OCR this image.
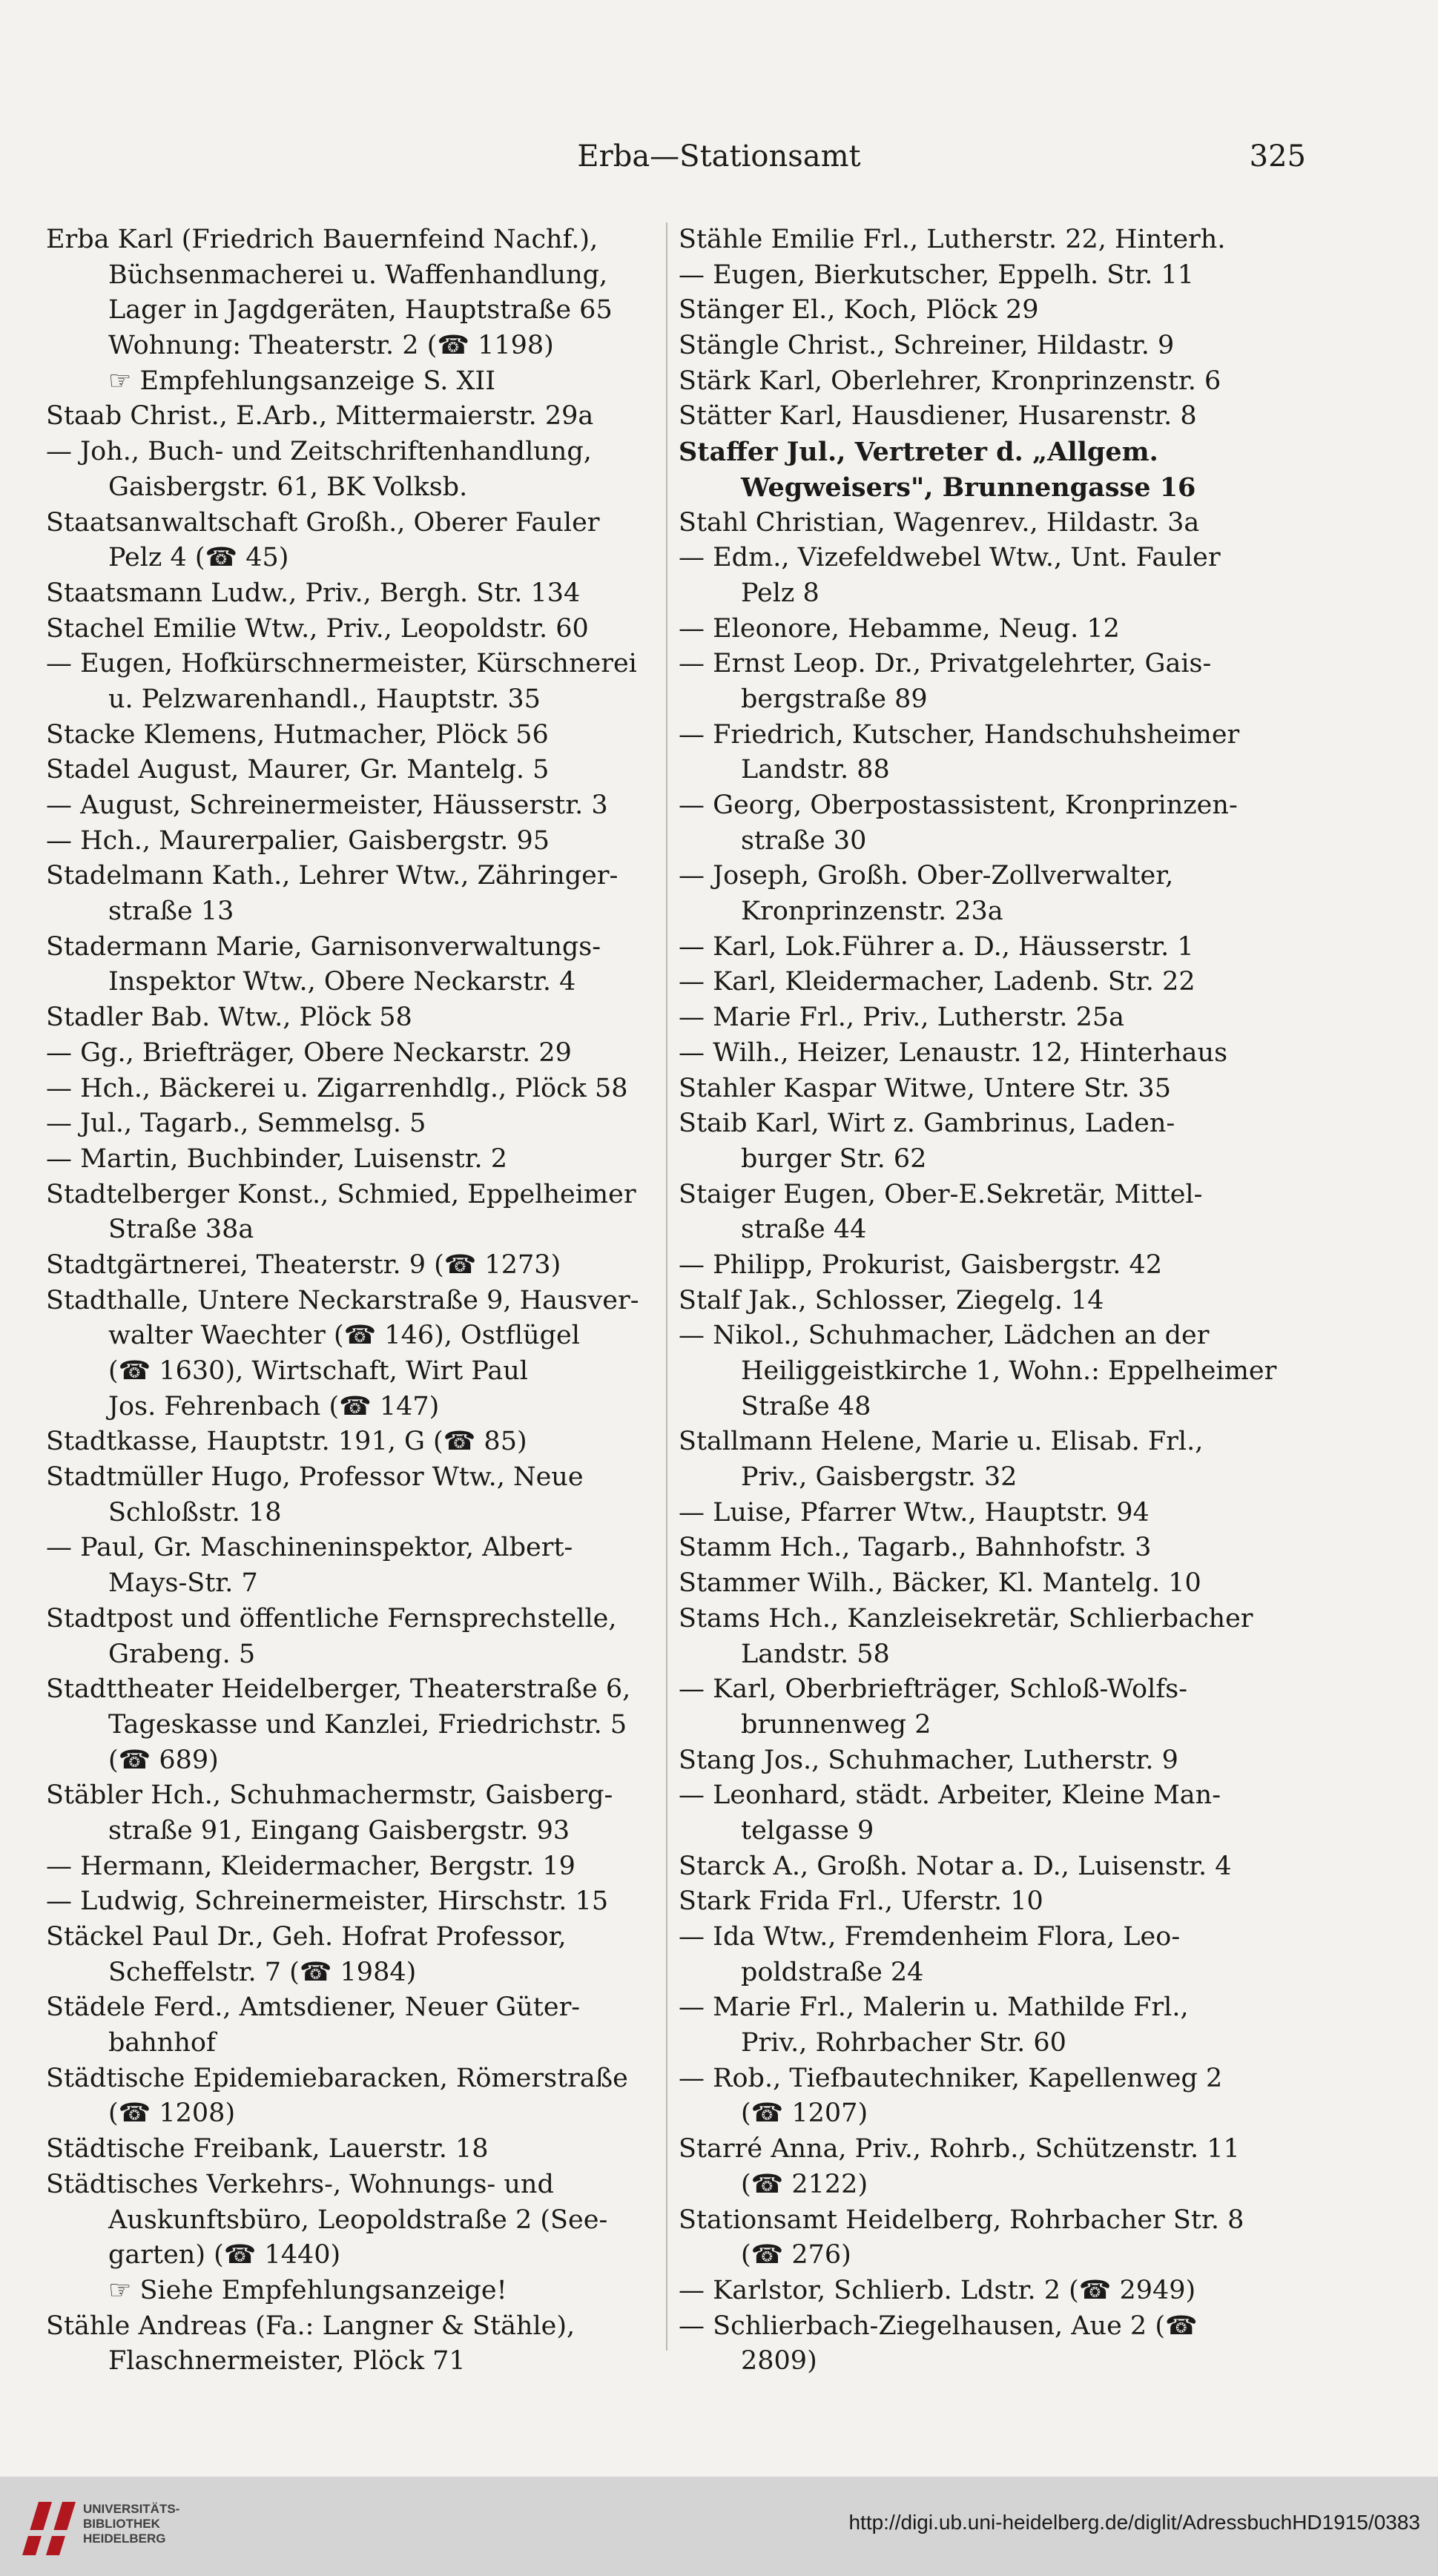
Erba—Stationsamt	325
Erba Karl (Friedrich Bauernfeind Nachf.),
Büchsenmacherei u. Waffenhandlung,
Lager in Jagdgeräten, Hauptstraße 65
Wohnung: Theaterstr. 2 (☎ 1198)
☞ Empfehlungsanzeige S. XII
Staab Christ., E.Arb., Mittermaierstr. 29a
— Joh., Buch- und Zeitschriftenhandlung,
Gaisbergstr. 61, BK Volksb.
Staatsanwaltschaft Großh., Oberer Fauler
Pelz 4 (☎ 45)
Staatsmann Ludw., Priv., Bergh. Str. 134
Stachel Emilie Wtw., Priv., Leopoldstr. 60
— Eugen, Hofkürschnermeister, Kürschnerei
u. Pelzwarenhandl., Hauptstr. 35
Stacke Klemens, Hutmacher, Plöck 56
Stadel August, Maurer, Gr. Mantelg. 5
— August, Schreinermeister, Häusserstr. 3
— Hch., Maurerpalier, Gaisbergstr. 95
Stadelmann Kath., Lehrer Wtw., Zähringer-
straße 13
Stadermann Marie, Garnisonverwaltungs-
Inspektor Wtw., Obere Neckarstr. 4
Stadler Bab. Wtw., Plöck 58
— Gg., Briefträger, Obere Neckarstr. 29
— Hch., Bäckerei u. Zigarrenhdlg., Plöck 58
— Jul., Tagarb., Semmelsg. 5
— Martin, Buchbinder, Luisenstr. 2
Stadtelberger Konst., Schmied, Eppelheimer
Straße 38a
Stadtgärtnerei, Theaterstr. 9 (☎ 1273)
Stadthalle, Untere Neckarstraße 9, Hausver-
walter Waechter (☎ 146), Ostflügel
(☎ 1630), Wirtschaft, Wirt Paul
Jos. Fehrenbach (☎ 147)
Stadtkasse, Hauptstr. 191, G (☎ 85)
Stadtmüller Hugo, Professor Wtw., Neue
Schloßstr. 18
— Paul, Gr. Maschineninspektor, Albert-
Mays-Str. 7
Stadtpost und öffentliche Fernsprechstelle,
Grabeng. 5
Stadttheater Heidelberger, Theaterstraße 6,
Tageskasse und Kanzlei, Friedrichstr. 5
(☎ 689)
Stäbler Hch., Schuhmachermstr, Gaisberg-
straße 91, Eingang Gaisbergstr. 93
— Hermann, Kleidermacher, Bergstr. 19
— Ludwig, Schreinermeister, Hirschstr. 15
Stäckel Paul Dr., Geh. Hofrat Professor,
Scheffelstr. 7 (☎ 1984)
Städele Ferd., Amtsdiener, Neuer Güter-
bahnhof
Städtische Epidemiebaracken, Römerstraße
(☎ 1208)
Städtische Freibank, Lauerstr. 18
Städtisches Verkehrs-, Wohnungs- und
Auskunftsbüro, Leopoldstraße 2 (See-
garten) (☎ 1440)
☞ Siehe Empfehlungsanzeige!
Stähle Andreas (Fa.: Langner & Stähle),
Flaschnermeister, Plöck 71
Stähle Emilie Frl., Lutherstr. 22, Hinterh.
— Eugen, Bierkutscher, Eppelh. Str. 11
Stänger El., Koch, Plöck 29
Stängle Christ., Schreiner, Hildastr. 9
Stärk Karl, Oberlehrer, Kronprinzenstr. 6
Stätter Karl, Hausdiener, Husarenstr. 8
Staffer Jul., Vertreter d. „Allgem.
Wegweisers", Brunnengasse 16
Stahl Christian, Wagenrev., Hildastr. 3a
— Edm., Vizefeldwebel Wtw., Unt. Fauler
Pelz 8
— Eleonore, Hebamme, Neug. 12
— Ernst Leop. Dr., Privatgelehrter, Gais-
bergstraße 89
— Friedrich, Kutscher, Handschuhsheimer
Landstr. 88
— Georg, Oberpostassistent, Kronprinzen-
straße 30
— Joseph, Großh. Ober-Zollverwalter,
Kronprinzenstr. 23a
— Karl, Lok.Führer a. D., Häusserstr. 1
— Karl, Kleidermacher, Ladenb. Str. 22
— Marie Frl., Priv., Lutherstr. 25a
— Wilh., Heizer, Lenaustr. 12, Hinterhaus
Stahler Kaspar Witwe, Untere Str. 35
Staib Karl, Wirt z. Gambrinus, Laden-
burger Str. 62
Staiger Eugen, Ober-E.Sekretär, Mittel-
straße 44
— Philipp, Prokurist, Gaisbergstr. 42
Stalf Jak., Schlosser, Ziegelg. 14
— Nikol., Schuhmacher, Lädchen an der
Heiliggeistkirche 1, Wohn.: Eppelheimer
Straße 48
Stallmann Helene, Marie u. Elisab. Frl.,
Priv., Gaisbergstr. 32
— Luise, Pfarrer Wtw., Hauptstr. 94
Stamm Hch., Tagarb., Bahnhofstr. 3
Stammer Wilh., Bäcker, Kl. Mantelg. 10
Stams Hch., Kanzleisekretär, Schlierbacher
Landstr. 58
— Karl, Oberbriefträger, Schloß-Wolfs-
brunnenweg 2
Stang Jos., Schuhmacher, Lutherstr. 9
— Leonhard, städt. Arbeiter, Kleine Man-
telgasse 9
Starck A., Großh. Notar a. D., Luisenstr. 4
Stark Frida Frl., Uferstr. 10
— Ida Wtw., Fremdenheim Flora, Leo-
poldstraße 24
— Marie Frl., Malerin u. Mathilde Frl.,
Priv., Rohrbacher Str. 60
— Rob., Tiefbautechniker, Kapellenweg 2
(☎ 1207)
Starré Anna, Priv., Rohrb., Schützenstr. 11
(☎ 2122)
Stationsamt Heidelberg, Rohrbacher Str. 8
(☎ 276)
— Karlstor, Schlierb. Ldstr. 2 (☎ 2949)
— Schlierbach-Ziegelhausen, Aue 2 (☎
2809)
UNIVERSITÄTS-
BIBLIOTHEK
HEIDELBERG
http://digi.ub.uni-heidelberg.de/diglit/AdressbuchHD1915/0383
